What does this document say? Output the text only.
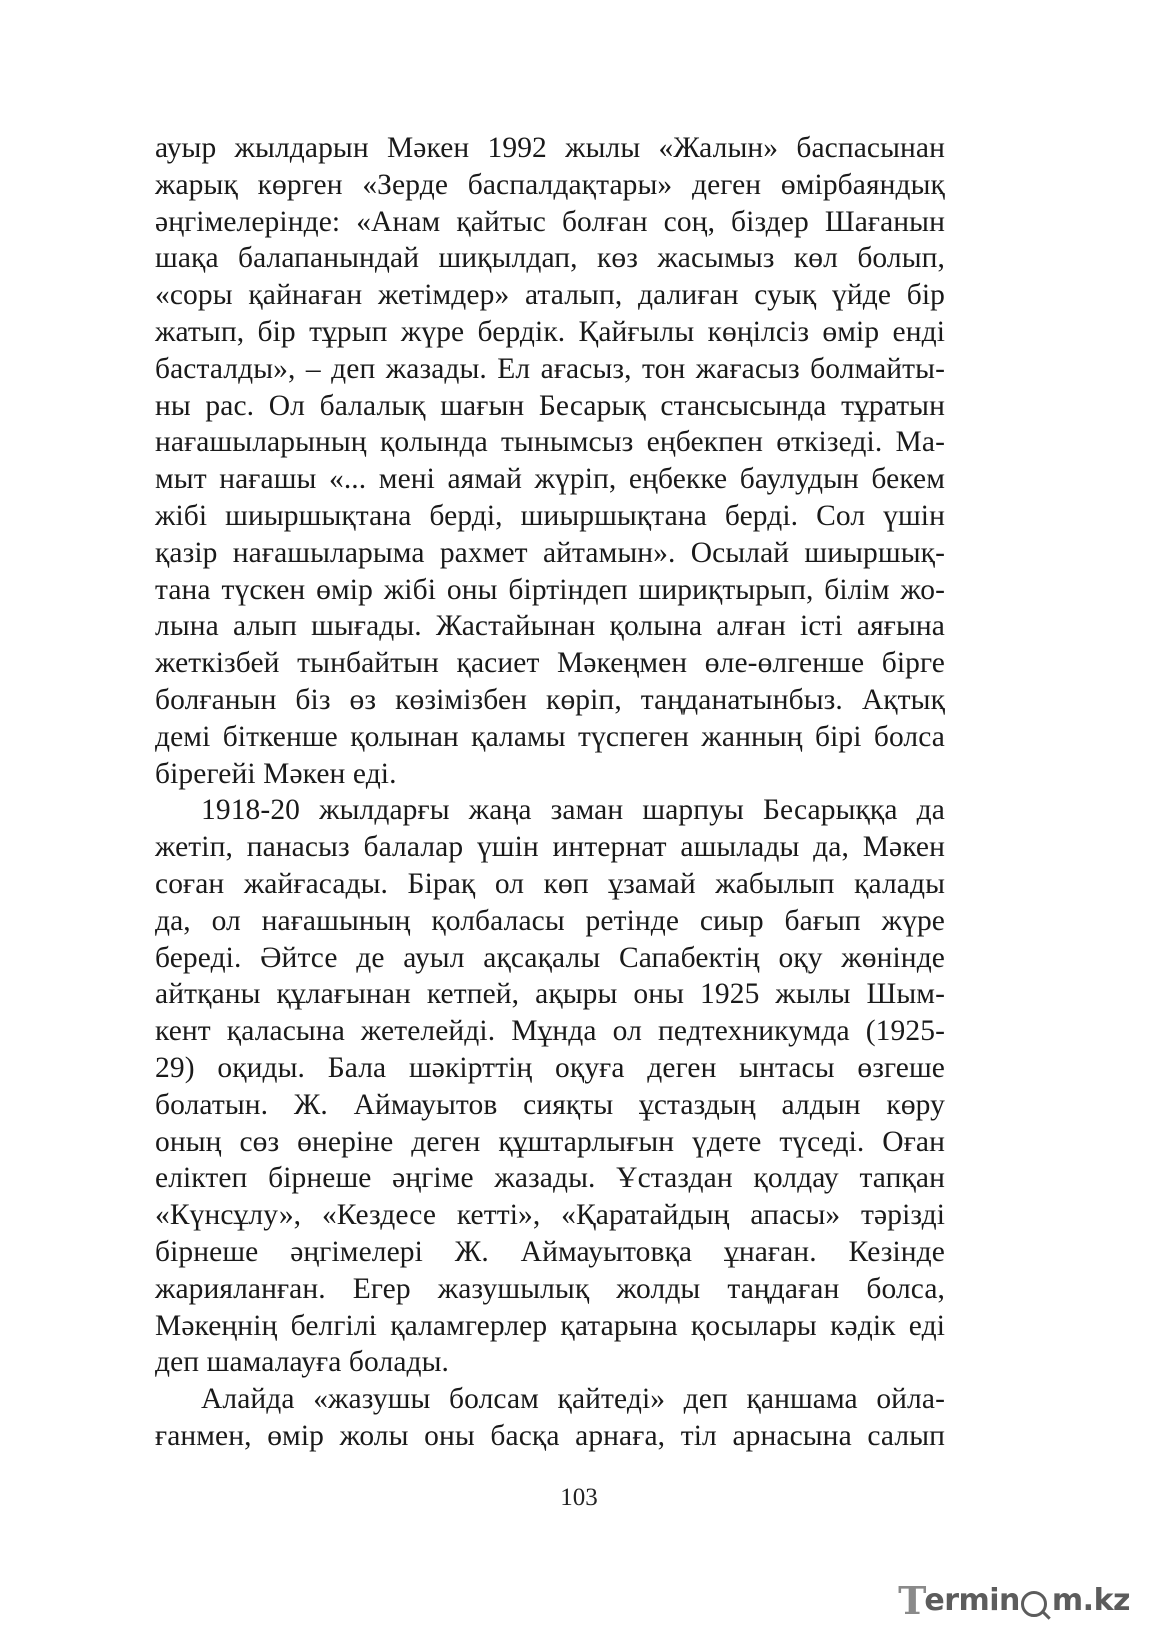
ауыр жылдарын Мәкен 1992 жылы «Жалын» баспасынан
жарық көрген «Зерде баспалдақтары» деген өмірбаяндық
әңгімелерінде: «Анам қайтыс болған соң, біздер Шағанын
шақа балапанындай шиқылдап, көз жасымыз көл болып,
«соры қайнаған жетімдер» аталып, далиған суық үйде бір
жатып, бір тұрып жүре бердік. Қайғылы көңілсіз өмір енді
басталды», – деп жазады. Ел ағасыз, тон жағасыз болмайты-
ны рас. Ол балалық шағын Бесарық стансысында тұратын
нағашыларының қолында тынымсыз еңбекпен өткізеді. Ма-
мыт нағашы «... мені аямай жүріп, еңбекке баулудын бекем
жібі шиыршықтана берді, шиыршықтана берді. Сол үшін
қазір нағашыларыма рахмет айтамын». Осылай шиыршық-
тана түскен өмір жібі оны біртіндеп шириқтырып, білім жо-
лына алып шығады. Жастайынан қолына алған істі аяғына
жеткізбей тынбайтын қасиет Мәкеңмен өле-өлгенше бірге
болғанын біз өз көзімізбен көріп, таңданатынбыз. Ақтық
демі біткенше қолынан қаламы түспеген жанның бірі болса
бірегейі Мәкен еді.
1918-20 жылдарғы жаңа заман шарпуы Бесарыққа да
жетіп, панасыз балалар үшін интернат ашылады да, Мәкен
соған жайғасады. Бірақ ол көп ұзамай жабылып қалады
да, ол нағашының қолбаласы ретінде сиыр бағып жүре
береді. Әйтсе де ауыл ақсақалы Сапабектің оқу жөнінде
айтқаны құлағынан кетпей, ақыры оны 1925 жылы Шым-
кент қаласына жетелейді. Мұнда ол педтехникумда (1925-
29) оқиды. Бала шәкірттің оқуға деген ынтасы өзгеше
болатын. Ж. Аймауытов сияқты ұстаздың алдын көру
оның сөз өнеріне деген құштарлығын үдете түседі. Оған
еліктеп бірнеше әңгіме жазады. Ұстаздан қолдау тапқан
«Күнсұлу», «Кездесе кетті», «Қаратайдың апасы» тәрізді
бірнеше әңгімелері Ж. Аймауытовқа ұнаған. Кезінде
жарияланған. Егер жазушылық жолды таңдаған болса,
Мәкеңнің белгілі қаламгерлер қатарына қосылары кәдік еді
деп шамалауға болады.
Алайда «жазушы болсам қайтеді» деп қаншама ойла-
ғанмен, өмір жолы оны басқа арнаға, тіл арнасына салып
103
T
ermin m.kz
